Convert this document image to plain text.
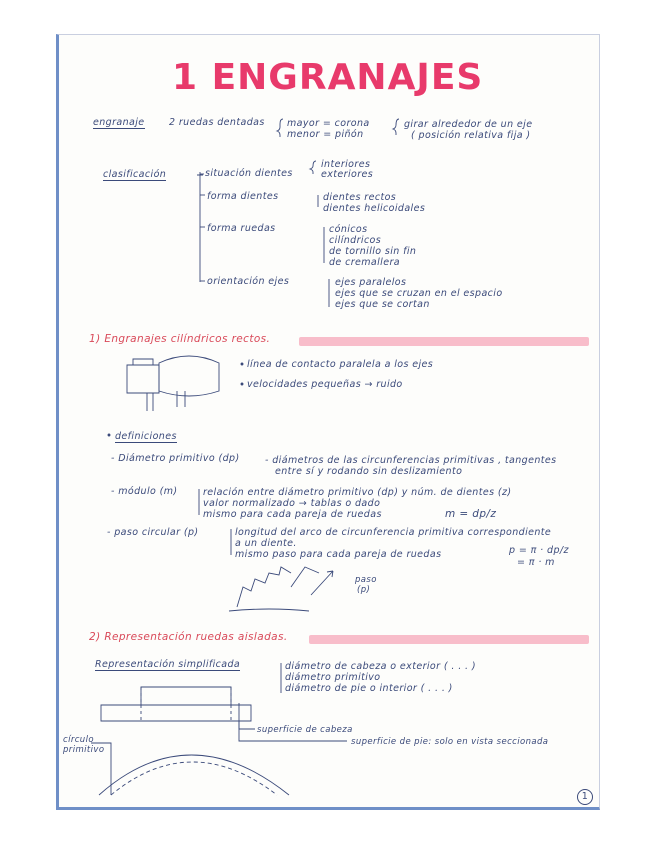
1 ENGRANAJES
engranaje	2 ruedas dentadas mayor = corona
menor = piñón
girar alrededor de un eje
( posición relativa fija )
clasificación	situación dientes
interiores
exteriores
forma dientes	dientes rectos
dientes helicoidales
forma ruedas	cónicos
cilíndricos
de tornillo sin fin
de cremallera
orientación ejes	ejes paralelos
ejes que se cruzan en el espacio
ejes que se cortan
1) Engranajes cilíndricos rectos.
línea de contacto paralela a los ejes
velocidades pequeñas → ruido
definiciones
- Diámetro primitivo (dp)	- diámetros de las circunferencias primitivas , tangentes
entre sí y rodando sin deslizamiento
- módulo (m)	relación entre diámetro primitivo (dp) y núm. de dientes (z)
valor normalizado → tablas o dado
mismo para cada pareja de ruedas	m = dp/z
- paso circular (p)	longitud del arco de circunferencia primitiva correspondiente
a un diente.
mismo paso para cada pareja de ruedas	p = π · dp/z
= π · m
paso
(p)
2) Representación ruedas aisladas.
Representación simplificada	diámetro de cabeza o exterior ( . . . )
diámetro primitivo
diámetro de pie o interior ( . . . )
superficie de cabeza
superficie de pie: solo en vista seccionada
círculo
primitivo
1
